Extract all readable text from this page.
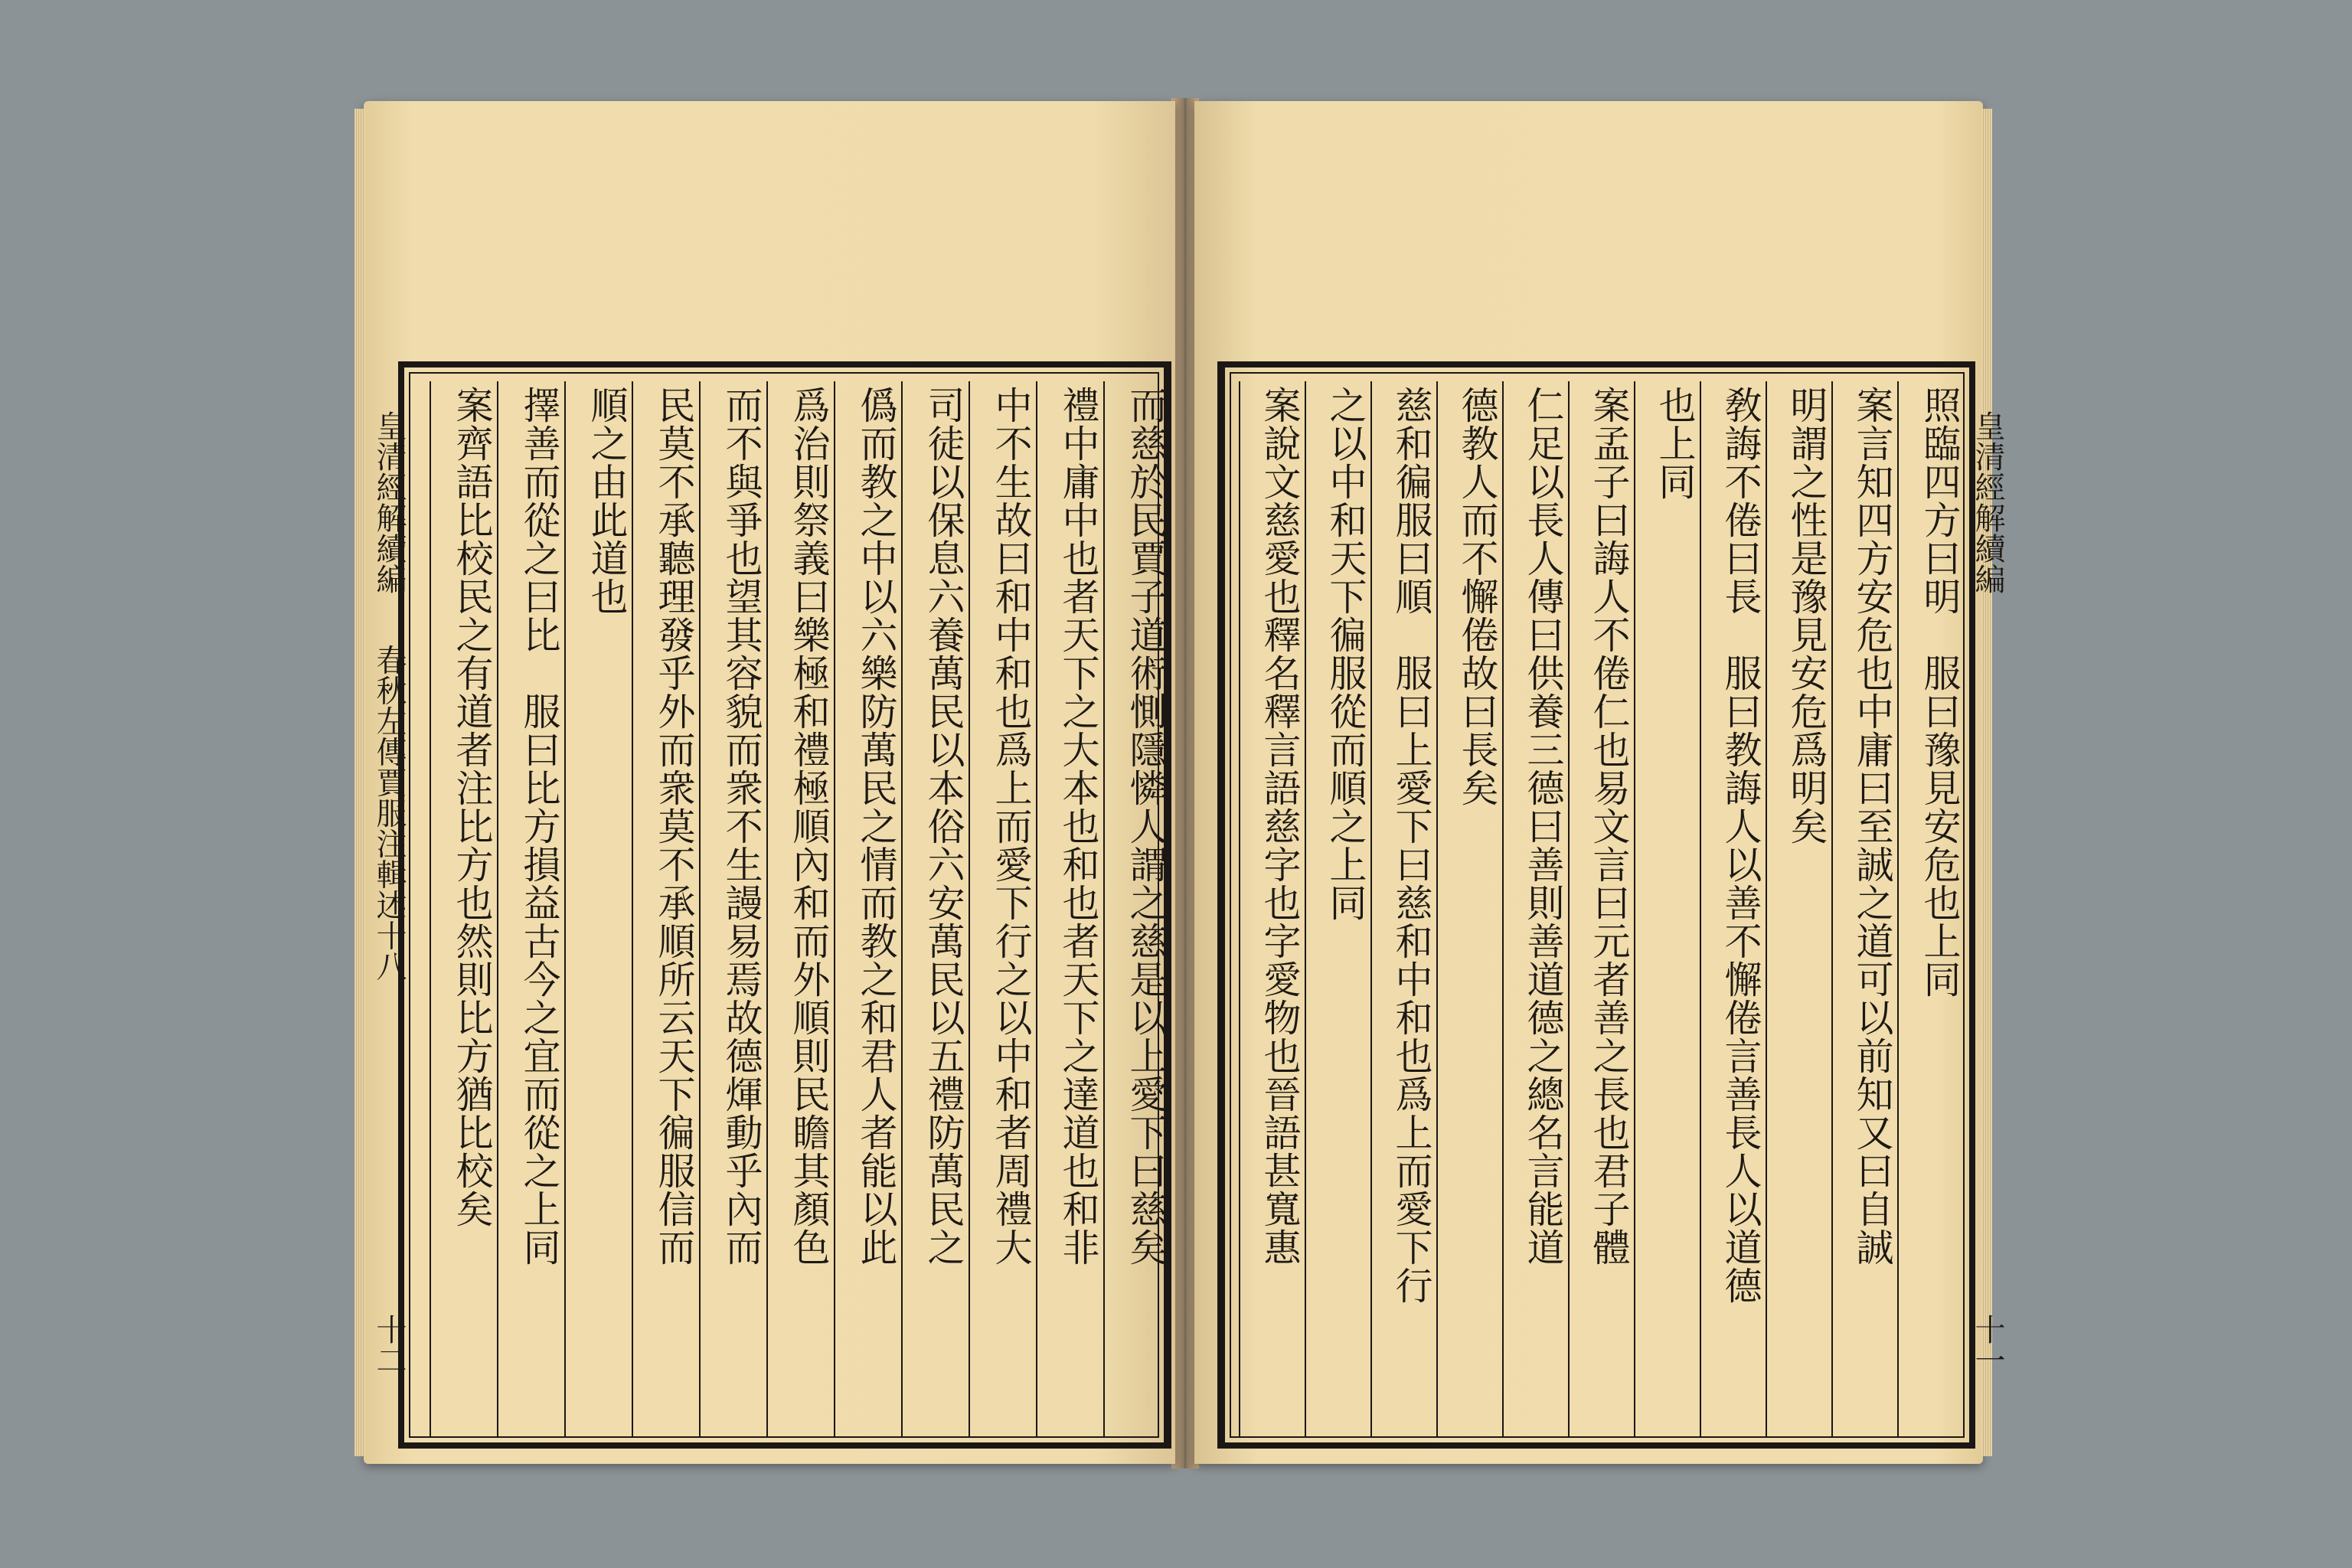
皇清經解續編  春秋左傳賈服注輯述十八
十二
而慈於民賈子道術惻隱憐人謂之慈是以上愛下曰慈矣
禮中庸中也者天下之大本也和也者天下之達道也和非
中不生故曰和中和也爲上而愛下行之以中和者周禮大
司徒以保息六養萬民以本俗六安萬民以五禮防萬民之
僞而教之中以六樂防萬民之情而教之和君人者能以此
爲治則祭義曰樂極和禮極順內和而外順則民瞻其顏色
而不與爭也望其容貌而衆不生謾易焉故德煇動乎內而
民莫不承聽理發乎外而衆莫不承順所云天下徧服信而
順之由此道也
擇善而從之曰比　服曰比方損益古今之宜而從之上同
案齊語比校民之有道者注比方也然則比方猶比校矣	皇清經解續編
十一
照臨四方曰明　服曰豫見安危也上同
案言知四方安危也中庸曰至誠之道可以前知又曰自誠
明謂之性是豫見安危爲明矣
敎誨不倦曰長　服曰教誨人以善不懈倦言善長人以道德
也上同
案孟子曰誨人不倦仁也易文言曰元者善之長也君子體
仁足以長人傳曰供養三德曰善則善道德之總名言能道
德教人而不懈倦故曰長矣
慈和徧服曰順　服曰上愛下曰慈和中和也爲上而愛下行
之以中和天下徧服從而順之上同
案說文慈愛也釋名釋言語慈字也字愛物也晉語甚寬惠
